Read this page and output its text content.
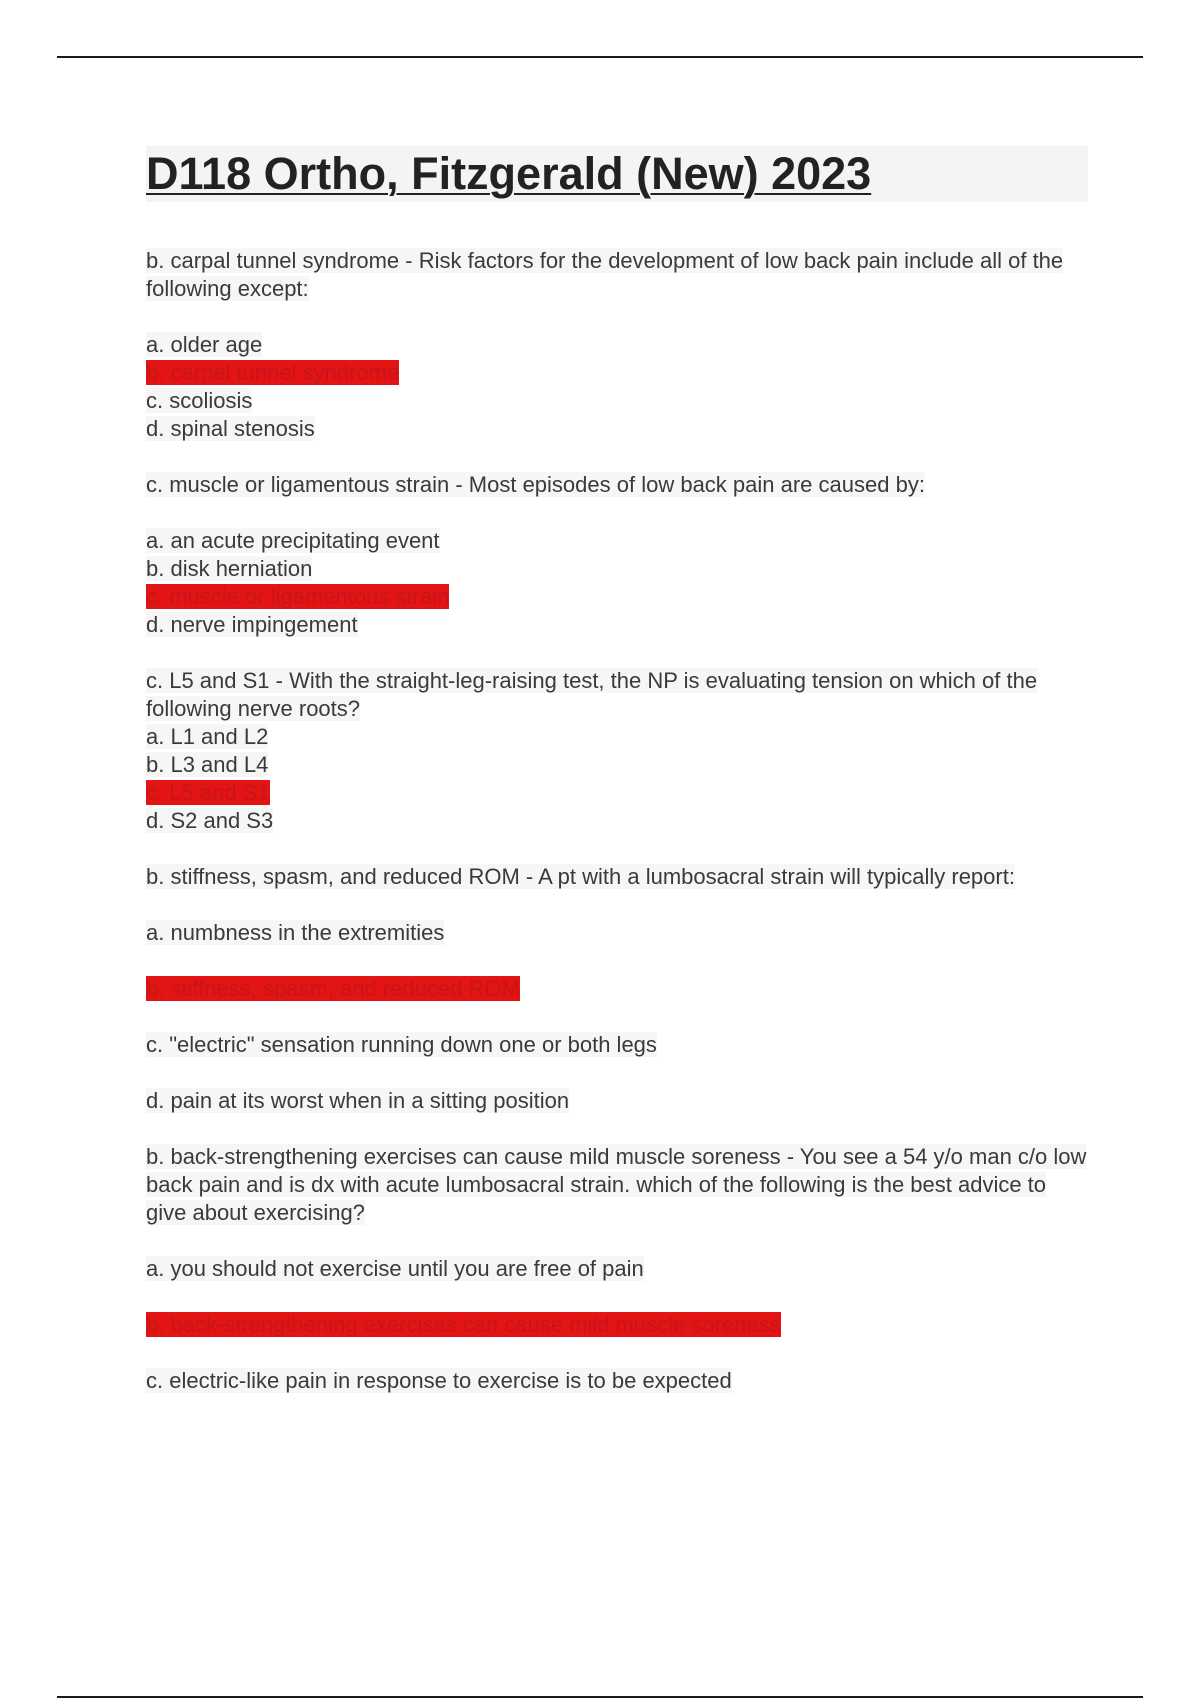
D118 Ortho, Fitzgerald (New) 2023
b. carpal tunnel syndrome - Risk factors for the development of low back pain include all of the following except:
a. older age
b. carpal tunnel syndrome
c. scoliosis
d. spinal stenosis
c. muscle or ligamentous strain - Most episodes of low back pain are caused by:
a. an acute precipitating event
b. disk herniation
c. muscle or ligamentous strain
d. nerve impingement
c. L5 and S1 - With the straight-leg-raising test, the NP is evaluating tension on which of the following nerve roots?
a. L1 and L2
b. L3 and L4
c. L5 and S1
d. S2 and S3
b. stiffness, spasm, and reduced ROM - A pt with a lumbosacral strain will typically report:
a. numbness in the extremities
b. stiffness, spasm, and reduced ROM
c. "electric" sensation running down one or both legs
d. pain at its worst when in a sitting position
b. back-strengthening exercises can cause mild muscle soreness - You see a 54 y/o man c/o low back pain and is dx with acute lumbosacral strain. which of the following is the best advice to give about exercising?
a. you should not exercise until you are free of pain
b. back-strengthening exercises can cause mild muscle soreness
c. electric-like pain in response to exercise is to be expected
